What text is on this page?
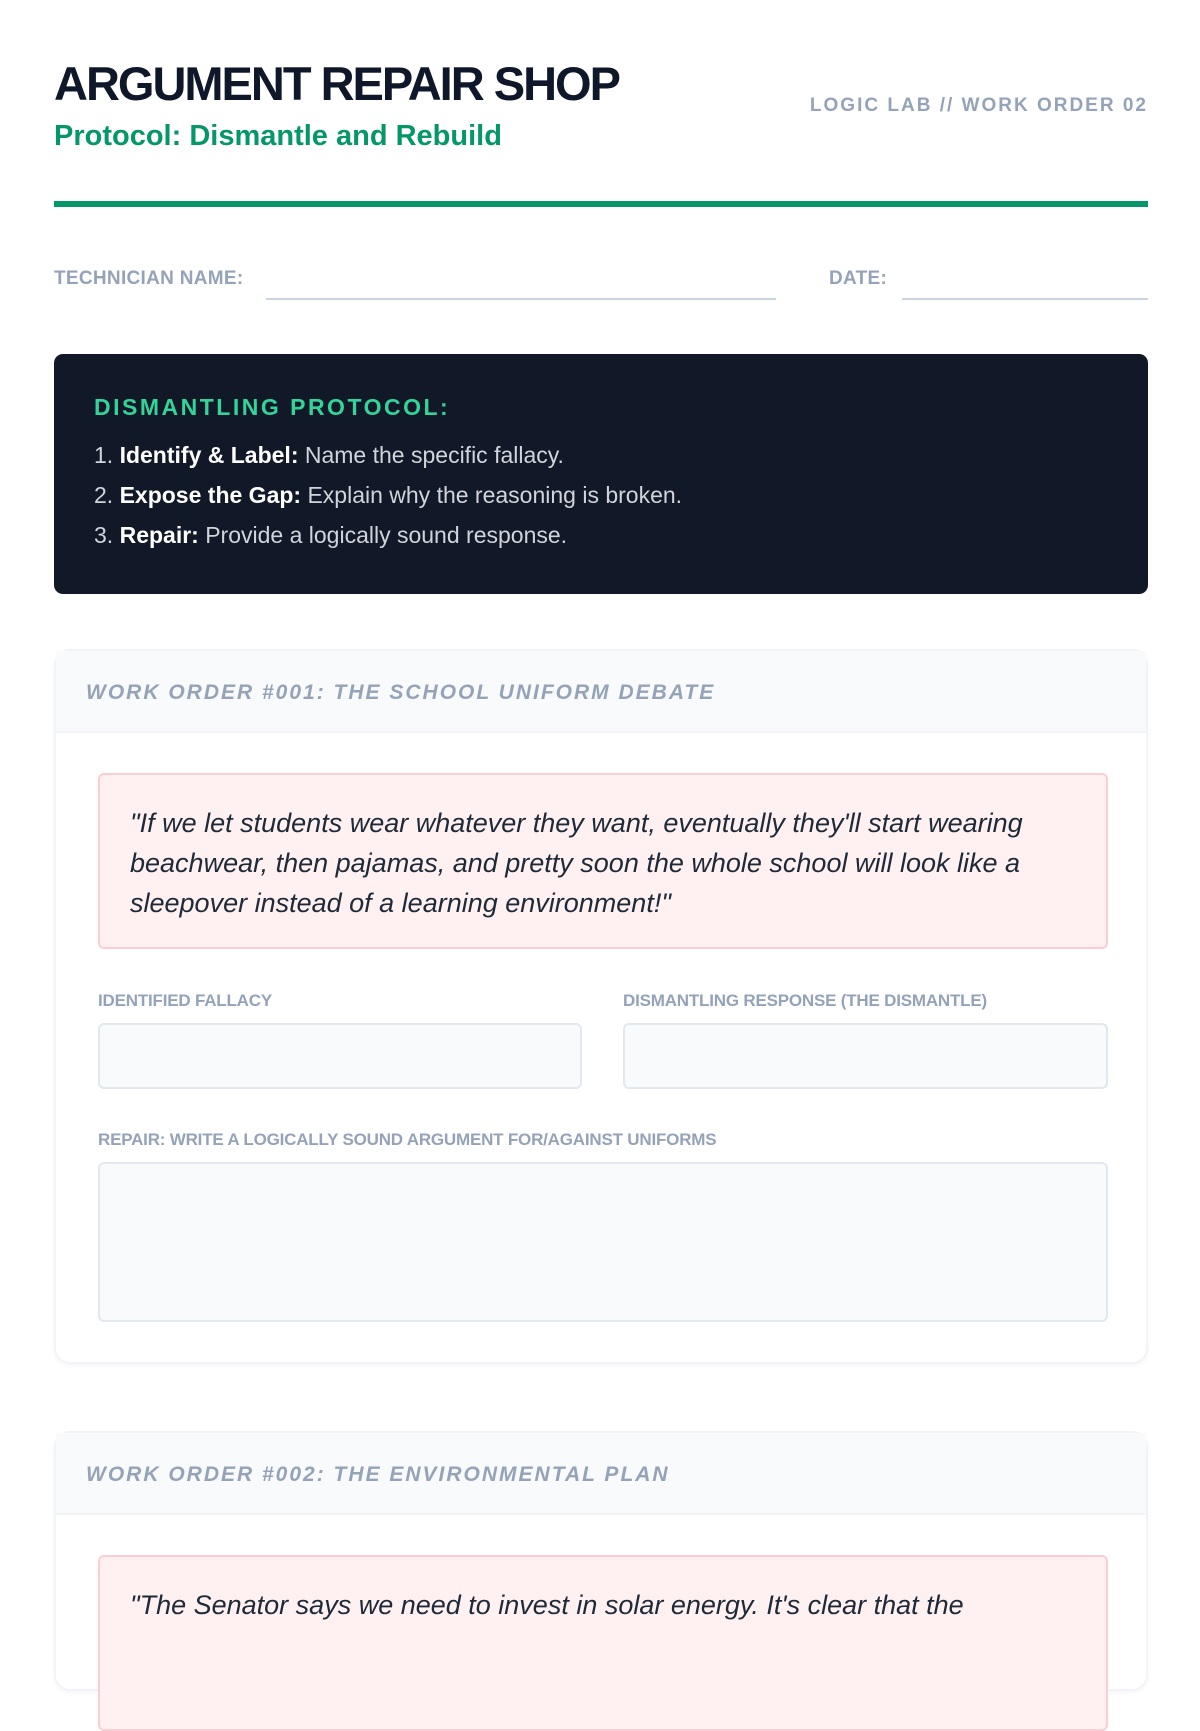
ARGUMENT REPAIR SHOP
Protocol: Dismantle and Rebuild
LOGIC LAB // WORK ORDER 02
TECHNICIAN NAME:	DATE:
DISMANTLING PROTOCOL:
1. Identify & Label: Name the specific fallacy.
2. Expose the Gap: Explain why the reasoning is broken.
3. Repair: Provide a logically sound response.
WORK ORDER #001: THE SCHOOL UNIFORM DEBATE
"If we let students wear whatever they want, eventually they'll start wearing beachwear, then pajamas, and pretty soon the whole school will look like a sleepover instead of a learning environment!"
IDENTIFIED FALLACY	DISMANTLING RESPONSE (THE DISMANTLE)
REPAIR: WRITE A LOGICALLY SOUND ARGUMENT FOR/AGAINST UNIFORMS
WORK ORDER #002: THE ENVIRONMENTAL PLAN
"The Senator says we need to invest in solar energy. It's clear that the
